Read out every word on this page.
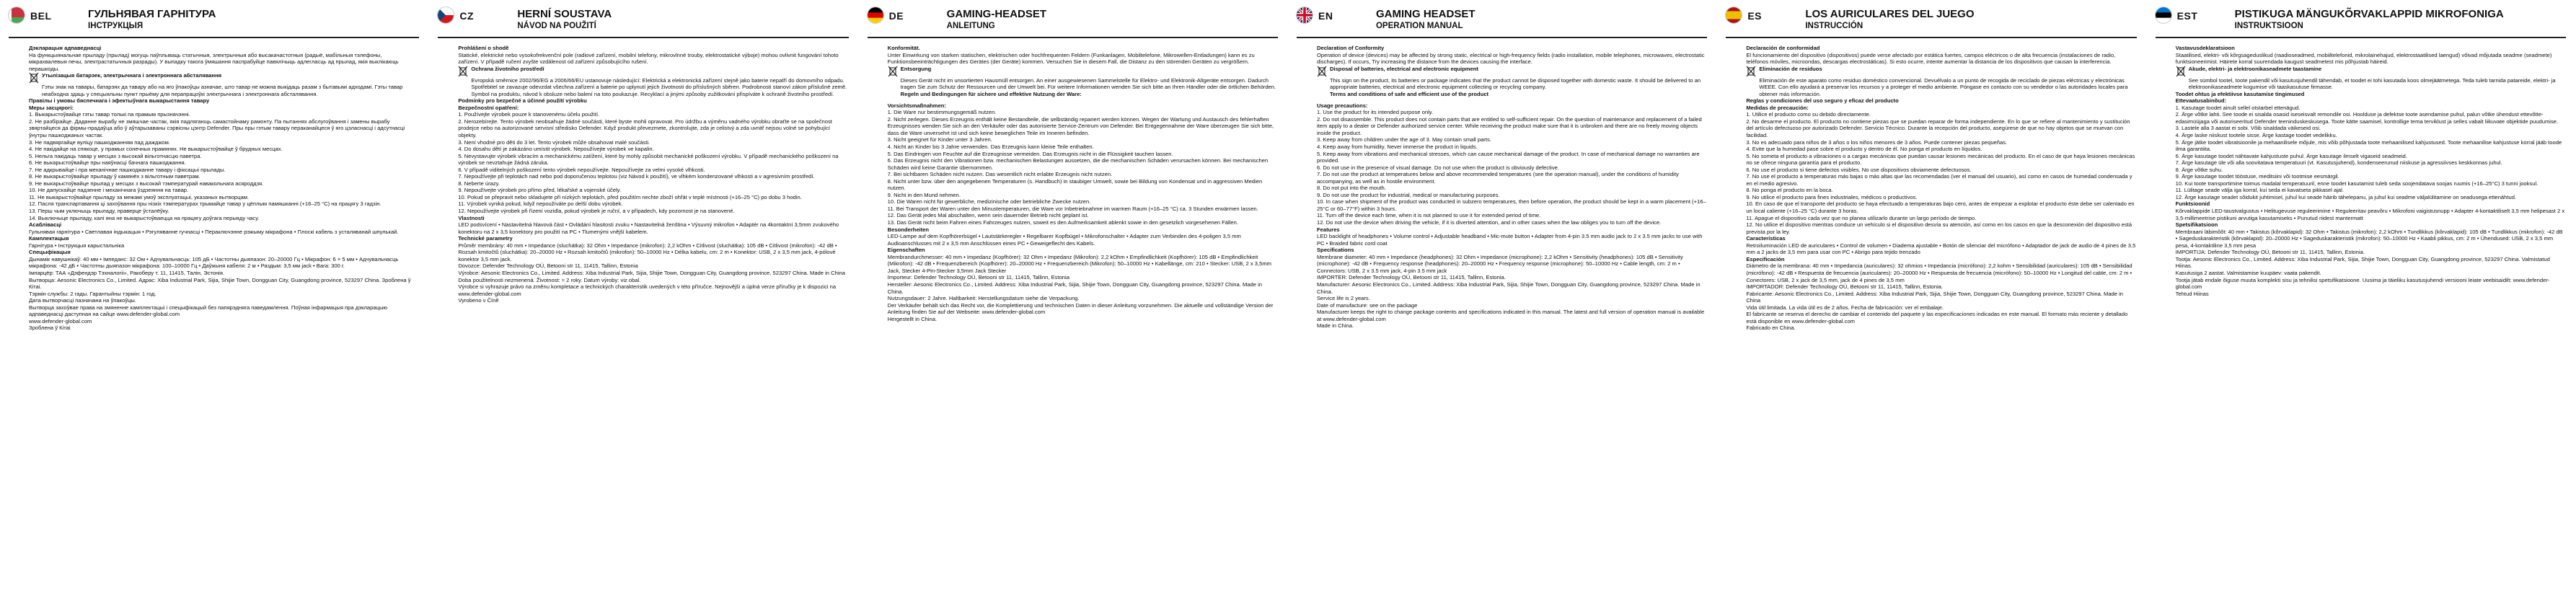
BEL	ГУЛЬНЯВАЯ ГАРНІТУРА
ІНСТРУКЦЫЯ

Дэкларацыя адпаведнасці

На функцыянальнае прыладу (прылад) могуць паўплываць статычныя, электрычныя або высакачастотныя (радыё, мабільныя тэлефоны, мікрахвалевыя печы, электрастатычныя разрады). У выпадку такога ўмяшання паспрабуйце павялічыць адлегласць ад прылад, якія выклікаюць перашкоды.

Утылізацыя батарэек, электрычнага і электроннага абсталявання

Гэты знак на тавары, батарэях да тавару або на яго ўпакоўцы азначае, што тавар не можна выкідаць разам з бытавымі адходамі. Гэты тавар неабходна здаць у спецыяльны пункт прыёму для перапрацоўкі электрычнага і электроннага абсталявання.

Правілы і умовы бяспечнага і эфектыўнага выкарыстання тавару

Меры засцярогі:

1. Выкарыстоўвайце гэты тавар толькі па прамым прызначэнні.

2. Не разбірайце. Даданне вырабу не змяшчае частак, якія падлягаюць самастойнаму рамонту. Па пытаннях абслугоўвання і замены вырабу звяртайцеся да фірмы-прадаўца або ў аўтарызаваны сэрвісны цэнтр Defender. Пры пры гэтым тавару пераканайцеся ў яго цэласнасці і адсутнасці ўнутры пашкоджаных частак.

3. Не падвяргайце вуліцу пашкоджанням пад дажджом.

4. Не пакідайце на спякоце, у прамых сонечных прамянях. Не выкарыстоўвайце ў брудных месцах.

5. Нельга пакідаць тавар у месцах з высокай вільготнасцю паветра.

6. Не выкарыстоўвайце пры наяўнасці бачнага пашкоджання.

7. Не адкрывайце і пра механічнае пашкоджанне тавару і фіксацыі прылады.

8. Не выкарыстоўвайце прыладу ў камянёх з вільготным паветрам.

9. Не выкарыстоўвайце прылад у месцах з высокай тэмпературай навакольнага асяроддзя.

10. Не дапускайце падзенне і механічнага ўздзеяння на тавар.

11. Не выкарыстоўвайце прыладу за межамі умоў эксплуатацыі, указаных вытворцам.

12. Пасля транспартавання ці захоўвання пры нізкіх тэмпературах трымайце тавар у цёплым памяшканні (+16–25 °C) на працягу 3 гадзін.

13. Перш чым уключыць прыладу, праверце ўсталёўку.

14. Выключыце прыладу, калі яна не выкарыстоўваецца на працягу доўгага перыяду часу.

Асаблівасці

Гульнявая гарнітура • Светлавая індыкацыя • Рэгуляванне гучнасці • Пераключэнне рэжыму мікрафона • Плоскі кабель з усталяванай шпулькай.

Камплектацыя

Гарнітура • Інструкцыя карыстальніка

Спецыфікацыя

Дынамік навушнікаў: 40 мм • Імпеданс: 32 Ом • Адчувальнасць: 105 дБ • Частотны дыяпазон: 20–20000 Гц • Мікрафон: 6 × 5 мм • Адчувальнасць мікрафона: -42 дБ • Частотны дыяпазон мікрафона: 100–10000 Гц • Даўжыня кабеля: 2 м • Раздым: 3,5 мм jack • Вага: 300 г.

Імпарцёр: ТАА «Дэфендэр Тэхналогіі», Ракоберу т. 11, 11415, Талін, Эстонія.

Вытворца: Aesonic Electronics Co., Limited. Адрас: Xiba Industrial Park, Sijia, Shijie Town, Dongguan City, Guangdong province, 523297 China. Зроблена ў Кітаі.

Тэрмін службы: 2 гады. Гарантыйны тэрмін: 1 год.

Дата вытворчасці пазначана на ўпакоўцы.

Вытворца захоўвае права на змяненне камплектацыі і спецыфікацый без папярэдняга паведамлення. Поўная інфармацыя пра дэкларацыю адпаведнасці даступная на сайце www.defender-global.com

www.defender-global.com

Зроблена ў Кітаі

CZ	HERNÍ SOUSTAVA
NÁVOD NA POUŽITÍ

Prohlášení o shodě

Statické, elektrické nebo vysokofrekvenční pole (radiové zařízení, mobilní telefony, mikrovlnné trouby, elektrostatické výboje) mohou ovlivnit fungování tohoto zařízení. V případě ručení zvyšte vzdálenost od zařízení způsobujícího rušení.

Ochrana životního prostředí

Evropská směrnice 2002/96/EG a 2006/66/EU ustanovuje následující: Elektrická a elektronická zařízení stejně jako baterie nepatří do domovního odpadu. Spotřebitel se zavazuje odevzdat všechna zařízení a baterie po uplynutí jejich životnosti do příslušných sběren. Podrobnosti stanoví zákon příslušné země. Symbol na produktu, návod k obsluze nebo balení na toto poukazuje. Recyklací a jinými způsoby zužitkování přispíváte k ochraně životního prostředí.

Podmínky pro bezpečné a účinné použití výrobku

Bezpečnostní opatření:

1. Používejte výrobek pouze k stanovenému účelu použití.

2. Nerozebírejte. Tento výrobek neobsahuje žádné součásti, které byste mohli opravovat. Pro údržbu a výměnu vadného výrobku obraťte se na společnost prodejce nebo na autorizované servisní středisko Defender. Když produkt převezmete, zkontrolujte, zda je celistvý a zda uvnitř nejsou volné se pohybující objekty.

3. Není vhodné pro děti do 3 let. Tento výrobek může obsahovat malé součásti.

4. Do dosahu dětí je zakázáno umístit výrobek. Nepoužívejte výrobek ve kapalin.

5. Nevystavujte výrobek vibracím a mechanickému zatížení, které by mohly způsobit mechanické poškození výrobku. V případě mechanického poškození na výrobek se nevztahuje žádná záruka.

6. V případě viditelných poškození tento výrobek nepoužívejte. Nepoužívejte za velmi vysoké vlhkosti.

7. Nepoužívejte při teplotách nad nebo pod doporučenou teplotou (viz Návod k použití), ve vlhkém kondenzované vlhkosti a v agresivním prostředí.

8. Neberte úrazy.

9. Nepoužívejte výrobek pro přímo před, lékařské a vojenské účely.

10. Pokud se přepravit nebo skladujete při nízkých teplotách, před použitím nechte zboží ohřát v teplé místnosti (+16–25 °C) po dobu 3 hodin.

11. Výrobek vyniká pokud, když nepoužíváte po delší dobu výrobek.

12. Nepoužívejte výrobek při řízení vozidla, pokud výrobek je ruční, a v případech, kdy pozornost je na stanovené.

Vlastnosti

LED podsvícení • Nastavitelná hlavová část • Ovládání hlasitosti zvuku • Nastavitelná ženština • Výsuvný mikrofon • Adaptér na 4kontaktní 3,5mm zvukového konektoru na 2 x 3,5 konektory pro použití na PC • Tlumenými vnější kabelem.

Technické parametry

Průměr membrány: 40 mm • Impedance (sluchátka): 32 Ohm • Impedance (mikrofon): 2,2 kOhm • Citlivost (sluchátka): 105 dB • Citlivost (mikrofon): -42 dB • Rozsah kmitočtů (sluchátka): 20–20000 Hz • Rozsah kmitočtů (mikrofon): 50–10000 Hz • Délka kabelu, cm: 2 m • Konektor: USB, 2 x 3,5 mm jack, 4-pólové konektor 3,5 mm jack.

Dovozce: Defender Technology OÜ, Betooni str 11, 11415, Tallinn, Estonia

Výrobce: Aesonic Electronics Co., Limited. Address: Xiba Industrial Park, Sijia, Shijie Town, Dongguan City, Guangdong province, 523297 China. Made in China

Doba použitelnosti nezmenená. Životnost: ≈ 2 roky. Datum výroby: viz obal.

Výrobce si vyhrazuje právo na změnu kompletace a technických charakteristik uvedených v této příručce. Nejnovější a úplná verze příručky je k dispozici na www.defender-global.com

Vyrobeno v Číně

DE	GAMING-HEADSET
ANLEITUNG

Konformität.

Unter Einwirkung von starken statischen, elektrischen oder hochfrequenten Feldern (Funkanlagen, Mobiltelefone, Mikrowellen-Entladungen) kann es zu Funktionsbeeinträchtigungen des Gerätes (der Geräte) kommen. Versuchen Sie in diesem Fall, die Distanz zu den störenden Geräten zu vergrößern.

Entsorgung

Dieses Gerät nicht im unsortierten Hausmüll entsorgen. An einer ausgewiesenen Sammelstelle für Elektro- und Elektronik-Altgeräte entsorgen. Dadurch tragen Sie zum Schutz der Ressourcen und der Umwelt bei. Für weitere Informationen wenden Sie sich bitte an Ihren Händler oder die örtlichen Behörden.

Regeln und Bedingungen für sichere und effektive Nutzung der Ware:

Vorsichtsmaßnahmen:

1. Die Ware nur bestimmungsgemäß nutzen.

2. Nicht zerlegen. Dieses Erzeugnis enthält keine Bestandteile, die selbständig repariert werden können. Wegen der Wartung und Austausch des fehlerhaften Erzeugnisses wenden Sie sich an den Verkäufer oder das autorisierte Service-Zentrum von Defender. Bei Entgegennahme der Ware überzeugen Sie sich bitte, dass die Ware unversehrt ist und sich keine beweglichen Teile im Inneren befinden.

3. Nicht geeignet für Kinder unter 3 Jahren.

4. Nicht an Kinder bis 3 Jahre verwenden. Das Erzeugnis kann kleine Teile enthalten.

5. Das Eindringen von Feuchte auf die Erzeugnisse vermeiden. Das Erzeugnis nicht in die Flüssigkeit tauchen lassen.

6. Das Erzeugnis nicht den Vibrationen bzw. mechanischen Belastungen aussetzen, die die mechanischen Schäden verursachen können. Bei mechanischen Schäden wird keine Garantie übernommen.

7. Bei sichtbaren Schäden nicht nutzen. Das wesentlich nicht erlabte Erzeugnis nicht nutzen.

8. Nicht unter bzw. über den angegebenen Temperaturen (s. Handbuch) in staubiger Umwelt, sowie bei Bildung von Kondensat und in aggressiven Medien nutzen.

9. Nicht in den Mund nehmen.

10. Die Waren nicht für gewerbliche, medizinische oder betriebliche Zwecke nutzen.

11. Bei Transport der Waren unter den Minustemperaturen, die Ware vor Inbetriebnahme im warmen Raum (+16–25 °C) ca. 3 Stunden erwärmen lassen.

12. Das Gerät jedes Mal abschalten, wenn sein dauernder Betrieb nicht geplant ist.

13. Das Gerät nicht beim Fahren eines Fahrzeuges nutzen, soweit es den Aufmerksamkeit ablenkt sowie in den gesetzlich vorgesehenen Fällen.

Besonderheiten

LED-Lampe auf dem Kopfhörerbügel • Lautstärkeregler • Regelbarer Kopfbügel • Mikrofonschalter • Adapter zum Verbinden des 4-poligen 3,5 mm Audioanschlusses mit 2 x 3,5 mm Anschlüssen eines PC • Geweigeflecht des Kabels.

Eigenschaften

Membrandurchmesser: 40 mm • Impedanz (Kopfhörer): 32 Ohm • Impedanz (Mikrofon): 2,2 kOhm • Empfindlichkeit (Kopfhörer): 105 dB • Empfindlichkeit (Mikrofon): -42 dB • Frequenzbereich (Kopfhörer): 20–20000 Hz • Frequenzbereich (Mikrofon): 50–10000 Hz • Kabellänge, cm: 210 • Stecker: USB, 2 x 3,5mm Jack, Stecker 4-Pin-Stecker 3,5mm Jack Stecker

Importeur: Defender Technology OÜ, Betooni str 11, 11415, Tallinn, Estonia

Hersteller: Aesonic Electronics Co., Limited. Address: Xiba Industrial Park, Sijia, Shijie Town, Dongguan City, Guangdong province, 523297 China. Made in China.

Nutzungsdauer: 2 Jahre. Haltbarkeit: Herstellungsdatum siehe die Verpackung.

Der Verkäufer behält sich das Recht vor, die Komplettierung und technischen Daten in dieser Anleitung vorzunehmen. Die aktuelle und vollständige Version der Anleitung finden Sie auf der Webseite: www.defender-global.com

Hergestellt in China.

EN	GAMING HEADSET
OPERATION MANUAL

Declaration of Conformity

Operation of device (devices) may be affected by strong static, electrical or high-frequency fields (radio installation, mobile telephones, microwaves, electrostatic discharges). If occurs, Try increasing the distance from the devices causing the interface.

Disposal of batteries, electrical and electronic equipment

This sign on the product, its batteries or package indicates that the product cannot be disposed together with domestic waste. It should be delivered to an appropriate batteries, electrical and electronic equipment collecting or recycling company.

Terms and conditions of safe and efficient use of the product

Usage precautions:

1. Use the product for its intended purpose only.

2. Do not disassemble. This product does not contain parts that are entitled to self-sufficient repair. On the question of maintenance and replacement of a failed item apply to a dealer or Defender authorized service center. While receiving the product make sure that it is unbroken and there are no freely moving objects inside the product.

3. Keep away from children under the age of 3. May contain small parts.

4. Keep away from humidity. Never immerse the product in liquids.

5. Keep away from vibrations and mechanical stresses, which can cause mechanical damage of the product. In case of mechanical damage no warranties are provided.

6. Do not use in the presence of visual damage. Do not use when the product is obviously defective.

7. Do not use the product at temperatures below and above recommended temperatures (see the operation manual), under the conditions of humidity accompanying, as well as in hostile environment.

8. Do not put into the mouth.

9. Do not use the product for industrial, medical or manufacturing purposes.

10. In case when shipment of the product was conducted in subzero temperatures, then before operation, the product should be kept in a warm placement (+16–25°C or 60–77°F) within 3 hours.

11. Turn off the device each time, when it is not planned to use it for extended period of time.

12. Do not use the device when driving the vehicle, if it is diverted attention, and in other cases when the law obliges you to turn off the device.

Features

LED backlight of headphones • Volume control • Adjustable headband • Mic-mute button • Adapter from 4-pin 3.5 mm audio jack to 2 x 3.5 mm jacks to use with PC • Braided fabric cord coat

Specifications

Membrane diameter: 40 mm • Impedance (headphones): 32 Ohm • Impedance (microphone): 2,2 kOhm • Sensitivity (headphones): 105 dB • Sensitivity (microphone): -42 dB • Frequency response (headphones): 20–20000 Hz • Frequency response (microphone): 50–10000 Hz • Cable length, cm: 2 m • Connectors: USB, 2 x 3.5 mm jack, 4-pin 3.5 mm jack

IMPORTER: Defender Technology OÜ, Betooni str 11, 11415, Tallinn, Estonia.

Manufacturer: Aesonic Electronics Co., Limited. Address: Xiba Industrial Park, Sijia, Shijie Town, Dongguan City, Guangdong province, 523297 China. Made in China.

Service life is 2 years.

Date of manufacture: see on the package

Manufacturer keeps the right to change package contents and specifications indicated in this manual. The latest and full version of operation manual is available at www.defender-global.com

Made in China.

ES	LOS AURICULARES DEL JUEGO
INSTRUCCIÓN

Declaración de conformidad

El funcionamiento del dispositivo (dispositivos) puede verse afectado por estática fuertes, campos eléctricos o de alta frecuencia (instalaciones de radio, teléfonos móviles, microondas, descargas electrostáticas). Si esto ocurre, intente aumentar la distancia de los dispositivos que causan la interferencia.

Eliminación de residuos

Eliminación de este aparato como residuo doméstico convencional. Devuélvalo a un punto de recogida de reciclado de piezas eléctricas y electrónicas WEEE. Con ello ayudará a preservar los recursos y a proteger el medio ambiente. Póngase en contacto con su vendedor o las autoridades locales para obtener más información.

Reglas y condiciones del uso seguro y eficaz del producto

Medidas de precaución:

1. Utilice el producto como su debido directamente.

2. No desarme el producto. El producto no contiene piezas que se puedan reparar de forma independiente. En lo que se refiere al mantenimiento y sustitución del artículo defectuoso por autorizado Defender. Servicio Técnico. Durante la recepción del producto, asegúrese de que no hay objetos que se muevan con facilidad.

3. No es adecuado para niños de 3 años o los niños menores de 3 años. Puede contener piezas pequeñas.

4. Evite que la humedad pase sobre el producto y dentro de él. No ponga el producto en líquidos.

5. No someta el producto a vibraciones o a cargas mecánicas que puedan causar lesiones mecánicas del producto. En el caso de que haya lesiones mecánicas no se ofrece ninguna garantía para el producto.

6. No use el producto si tiene defectos visibles. No use dispositivos obviamente defectuosos.

7. No use el producto a temperaturas más bajas o más altas que las recomendadas (ver el manual del usuario), así como en casos de humedad condensada y en el medio agresivo.

8. No ponga el producto en la boca.

9. No utilice el producto para fines industriales, médicos o productivos.

10. En caso de que el transporte del producto se haya efectuado a temperaturas bajo cero, antes de empezar a explotar el producto éste debe ser calentado en un local caliente (+16–25 °C) durante 3 horas.

11. Apague el dispositivo cada vez que no planea utilizarlo durante un largo período de tiempo.

12. No utilice el dispositivo mientras conduce un vehículo si el dispositivo desvía su atención, así como en los casos en que la desconexión del dispositivo está prevista por la ley.

Características

Retroiluminación LED de auriculares • Control de volumen • Diadema ajustable • Botón de silenciar del micrófono • Adaptador de jack de audio de 4 pines de 3,5 mm a 2 jacks de 3,5 mm para usar con PC • Abrigo para tejido trenzado

Especificación

Diámetro de la membrana: 40 mm • Impedancia (auriculares): 32 ohmios • Impedancia (micrófono): 2,2 kohm • Sensibilidad (auriculares): 105 dB • Sensibilidad (micrófono): -42 dB • Respuesta de frecuencia (auriculares): 20–20000 Hz • Respuesta de frecuencia (micrófono): 50–10000 Hz • Longitud del cable, cm: 2 m • Conectores: USB, 2 x jack de 3,5 mm, jack de 4 pines de 3,5 mm

IMPORTADOR: Defender Technology OÜ, Betooni str 11, 11415, Tallinn, Estonia.

Fabricante: Aesonic Electronics Co., Limited. Address: Xiba Industrial Park, Sijia, Shijie Town, Dongguan City, Guangdong province, 523297 China. Made in China

Vida útil limitada. La vida útil es de 2 años. Fecha de fabricación: ver el embalaje.

El fabricante se reserva el derecho de cambiar el contenido del paquete y las especificaciones indicadas en este manual. El formato más reciente y detallado está disponible en www.defender-global.com

Fabricado en China.

EST	PISTIKUGA MÄNGUKÕRVAKLAPPID MIKROFONIGA
INSTRUKTSIOON

Vastavusdeklaratsioon

Staatilised, elektri- või kõrgsageduslikud (raadioseadmed, mobiiltelefonid, mikrolainehajud, elektrostaatilised laengud) võivad mõjutada seadme (seadmete) funktsioneerimist. Häirete korral suurendada kaugust seadmetest mis põhjustab häireid.

Akude, elektri- ja elektroonikaseadmete taastamine

See sümbol tootel, toote pakendil või kasutusjuhendil tähendab, et toodet ei tohi kasutada koos olmejäätmetega. Teda tuleb tarnida patareide, elektri- ja elektroonikaseadmete kogumise või taaskasutuse firmasse.

Toodet ohtus ja efektiivse kasutamise tingimused

Ettevaatusabinõud:

1. Kasutage toodet ainult sellel otstarbel ettenägud.

2. Ärge võtke lahti. See toode ei sisalda osasid iseseisvalt remondile osi. Hoolduse ja defektse toote asendamise puhul, palun võtke ühendust ettevõtte-edasimüüjaga või autoriseeritud Defender teeninduskeskusega. Toote kätte saamisel, kontrollige tema terviklust ja selles vabalt liikuvate objektide puudumise.

3. Lastele alla 3 aastat ei sobi. Võib sisaldada väikeseid osi.

4. Ärge laske niiskust tootele sisse. Ärge kastage toodet vedelikku.

5. Ärge jätke toodet vibratsioonile ja mehaanilisele mõjule, mis võib põhjustada toote mehaanilised kahjustused. Toote mehaanilise kahjustuse korral jääb toode ilma garantiita.

6. Ärge kasutage toodet nähtavate kahjustuste puhul. Ärge kasutage ilmselt vigaseid seadmeid.

7. Ärge kasutage üle või alla soovitatava temperatuuri (vt. Kasutusjuhend), kondenseerunud niiskuse ja agressiivses keskkonnas juhul.

8. Ärge võtke suhu.

9. Ärge kasutage toodet tööstuse, meditsiini või tootmise eesmärgil.

10. Kui toote transportimine toimus madalal temperatuuril, enne toodet kasutamist tuleb seda soojendatava soojas ruumis (+16–25°C) 3 tunni jooksul.

11. Lülitage seade välja iga korral, kui seda ei kavatseta pikkasel ajal.

12. Ärge kasutage seadet sõidukit juhtimisel, juhul kui seade häirib tähelepanu, ja juhul kui seadme väljalülitamine on seadusega ettenähtud.

Funktsioonid

Kõrvaklappide LED-taustvalgustus • Helitugevuse reguleerimine • Reguleeritav peavõru • Mikrofoni vaigistusnupp • Adapter 4-kontaktiliselt 3,5 mm helipesast 2 x 3,5-millimeetrise pistikuni arvutiga kasutamiseks • Punutud riidest mantermatt

Spetsifikatsioon

Membraani läbimõõt: 40 mm • Takistus (kõrvaklapid): 32 Ohm • Takistus (mikrofon): 2,2 kOhm • Tundlikkus (kõrvaklapid): 105 dB • Tundlikkus (mikrofon): -42 dB • Sageduskarakteristik (kõrvaklapid): 20–20000 Hz • Sageduskarakteristik (mikrofon): 50–10000 Hz • Kaabli pikkus, cm: 2 m • Ühendused: USB, 2 x 3,5 mm pesa, 4-kontaktiline 3,5 mm pesa

IMPORTIJA: Defender Technology OÜ, Betooni str 11, 11415, Tallinn, Estonia.

Tootja: Aesonic Electronics Co., Limited. Address: Xiba Industrial Park, Sijia, Shijie Town, Dongguan City, Guangdong province, 523297 China. Valmistatud Hiinas.

Kasutusiga 2 aastat. Valmistamise kuupäev: vaata pakendit.

Tootja jätab endale õiguse muuta komplekti sisu ja tehnilisi spetsifikatsioone. Uusima ja täieliku kasutusjuhendi versiooni leiate veebisaidilt: www.defender-global.com

Tehtud Hiinas
